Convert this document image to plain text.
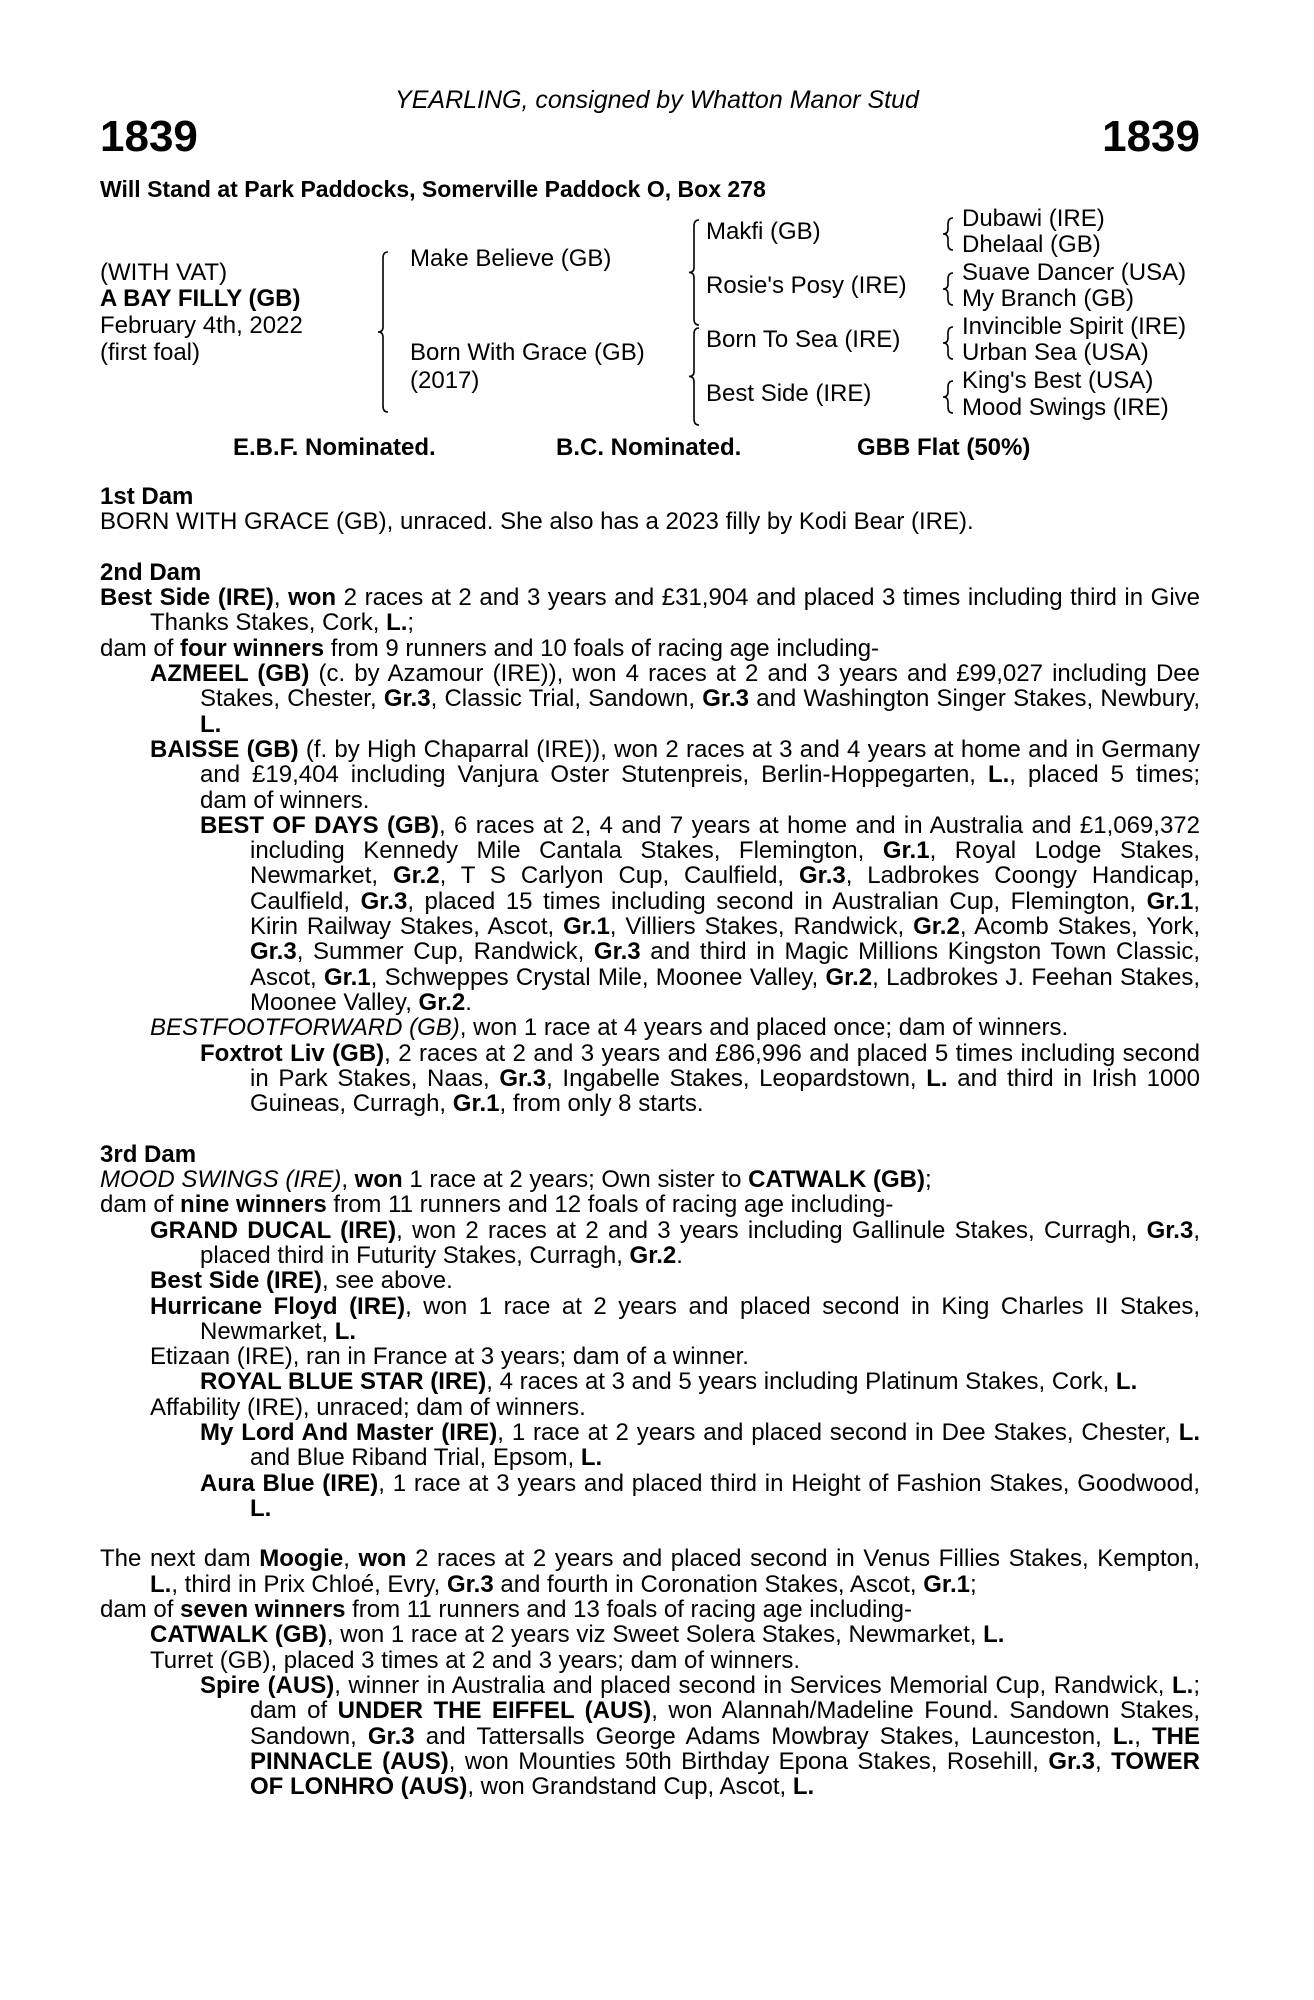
YEARLING, consigned by Whatton Manor Stud
1839	1839
Will Stand at Park Paddocks, Somerville Paddock O, Box 278
(WITH VAT)
A BAY FILLY (GB)
February 4th, 2022
(first foal)
Make Believe (GB)
Born With Grace (GB)
(2017)
Makfi (GB)
Rosie's Posy (IRE)
Born To Sea (IRE)
Best Side (IRE)
Dubawi (IRE)
Dhelaal (GB)
Suave Dancer (USA)
My Branch (GB)
Invincible Spirit (IRE)
Urban Sea (USA)
King's Best (USA)
Mood Swings (IRE)
E.B.F. Nominated.	B.C. Nominated.	GBB Flat (50%)
1st Dam
BORN WITH GRACE (GB), unraced. She also has a 2023 filly by Kodi Bear (IRE).
2nd Dam
Best Side (IRE), won 2 races at 2 and 3 years and £31,904 and placed 3 times including third in Give Thanks Stakes, Cork, L.;
dam of four winners from 9 runners and 10 foals of racing age including-
AZMEEL (GB) (c. by Azamour (IRE)), won 4 races at 2 and 3 years and £99,027 including Dee Stakes, Chester, Gr.3, Classic Trial, Sandown, Gr.3 and Washington Singer Stakes, Newbury, L.
BAISSE (GB) (f. by High Chaparral (IRE)), won 2 races at 3 and 4 years at home and in Germany and £19,404 including Vanjura Oster Stutenpreis, Berlin-Hoppegarten, L., placed 5 times; dam of winners.
BEST OF DAYS (GB), 6 races at 2, 4 and 7 years at home and in Australia and £1,069,372 including Kennedy Mile Cantala Stakes, Flemington, Gr.1, Royal Lodge Stakes, Newmarket, Gr.2, T S Carlyon Cup, Caulfield, Gr.3, Ladbrokes Coongy Handicap, Caulfield, Gr.3, placed 15 times including second in Australian Cup, Flemington, Gr.1, Kirin Railway Stakes, Ascot, Gr.1, Villiers Stakes, Randwick, Gr.2, Acomb Stakes, York, Gr.3, Summer Cup, Randwick, Gr.3 and third in Magic Millions Kingston Town Classic, Ascot, Gr.1, Schweppes Crystal Mile, Moonee Valley, Gr.2, Ladbrokes J. Feehan Stakes, Moonee Valley, Gr.2.
BESTFOOTFORWARD (GB), won 1 race at 4 years and placed once; dam of winners.
Foxtrot Liv (GB), 2 races at 2 and 3 years and £86,996 and placed 5 times including second in Park Stakes, Naas, Gr.3, Ingabelle Stakes, Leopardstown, L. and third in Irish 1000 Guineas, Curragh, Gr.1, from only 8 starts.
3rd Dam
MOOD SWINGS (IRE), won 1 race at 2 years; Own sister to CATWALK (GB);
dam of nine winners from 11 runners and 12 foals of racing age including-
GRAND DUCAL (IRE), won 2 races at 2 and 3 years including Gallinule Stakes, Curragh, Gr.3, placed third in Futurity Stakes, Curragh, Gr.2.
Best Side (IRE), see above.
Hurricane Floyd (IRE), won 1 race at 2 years and placed second in King Charles II Stakes, Newmarket, L.
Etizaan (IRE), ran in France at 3 years; dam of a winner.
ROYAL BLUE STAR (IRE), 4 races at 3 and 5 years including Platinum Stakes, Cork, L.
Affability (IRE), unraced; dam of winners.
My Lord And Master (IRE), 1 race at 2 years and placed second in Dee Stakes, Chester, L. and Blue Riband Trial, Epsom, L.
Aura Blue (IRE), 1 race at 3 years and placed third in Height of Fashion Stakes, Goodwood, L.
The next dam Moogie, won 2 races at 2 years and placed second in Venus Fillies Stakes, Kempton, L., third in Prix Chloé, Evry, Gr.3 and fourth in Coronation Stakes, Ascot, Gr.1;
dam of seven winners from 11 runners and 13 foals of racing age including-
CATWALK (GB), won 1 race at 2 years viz Sweet Solera Stakes, Newmarket, L.
Turret (GB), placed 3 times at 2 and 3 years; dam of winners.
Spire (AUS), winner in Australia and placed second in Services Memorial Cup, Randwick, L.; dam of UNDER THE EIFFEL (AUS), won Alannah/Madeline Found. Sandown Stakes, Sandown, Gr.3 and Tattersalls George Adams Mowbray Stakes, Launceston, L., THE PINNACLE (AUS), won Mounties 50th Birthday Epona Stakes, Rosehill, Gr.3, TOWER OF LONHRO (AUS), won Grandstand Cup, Ascot, L.
